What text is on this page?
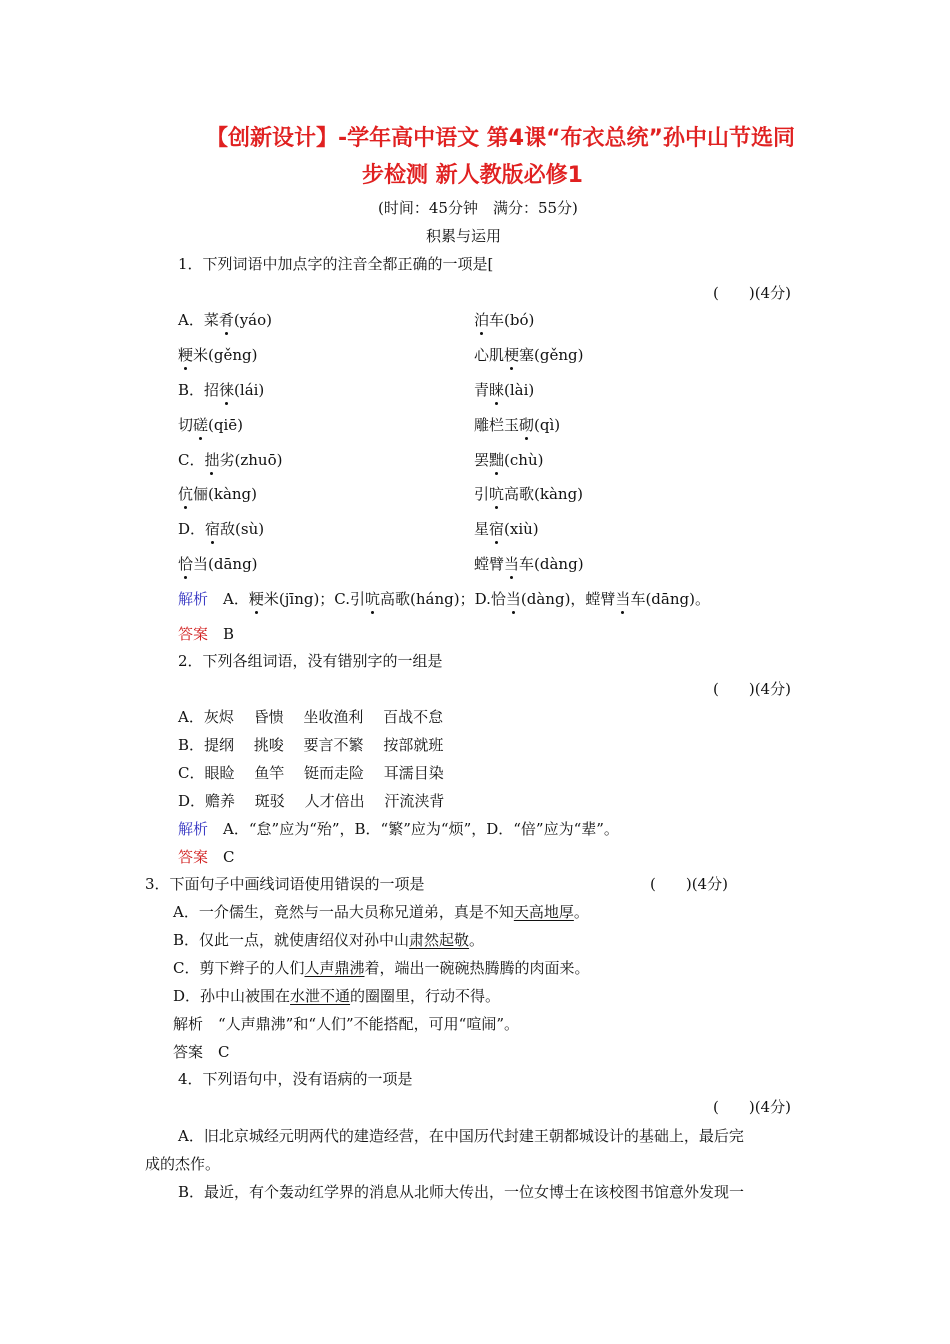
【创新设计】-学年高中语文 第4课“布衣总统”孙中山节选同
步检测 新人教版必修1
(时间：45分钟　满分：55分)
积累与运用
1．下列词语中加点字的注音全都正确的一项是[
(　　)(4分)
A．菜肴(yáo)	泊车(bó)
粳米(gěng)	心肌梗塞(gěng)
B．招徕(lái)	青睐(lài)
切磋(qiē)	雕栏玉砌(qì)
C．拙劣(zhuō)	罢黜(chù)
伉俪(kàng)	引吭高歌(kàng)
D．宿敌(sù)	星宿(xiù)
恰当(dāng)	螳臂当车(dàng)
解析　 A．粳米(jīng)；C.引吭高歌(háng)；D.恰当(dàng)，螳臂当车(dāng)。
答案　 B
2．下列各组词语，没有错别字的一组是
(　　)(4分)
A．灰烬　 昏愦　 坐收渔利　 百战不怠
B．提纲　 挑唆　 要言不繁　 按部就班
C．眼睑　 鱼竿　 铤而走险　 耳濡目染
D．赡养　 斑驳　 人才倍出　 汗流浃背
解析　 A．“怠”应为“殆”，B．“繁”应为“烦”，D．“倍”应为“辈”。
答案　 C
3．下面句子中画线词语使用错误的一项是	(　　)(4分)
A．一介儒生，竟然与一品大员称兄道弟，真是不知天高地厚。
B．仅此一点，就使唐绍仪对孙中山肃然起敬。
C．剪下辫子的人们人声鼎沸着，端出一碗碗热腾腾的肉面来。
D．孙中山被围在水泄不通的圈圈里，行动不得。
解析　“人声鼎沸”和“人们”不能搭配，可用“喧闹”。
答案　C
4．下列语句中，没有语病的一项是
(　　)(4分)
A．旧北京城经元明两代的建造经营，在中国历代封建王朝都城设计的基础上，最后完
成的杰作。
B．最近，有个轰动红学界的消息从北师大传出，一位女博士在该校图书馆意外发现一
